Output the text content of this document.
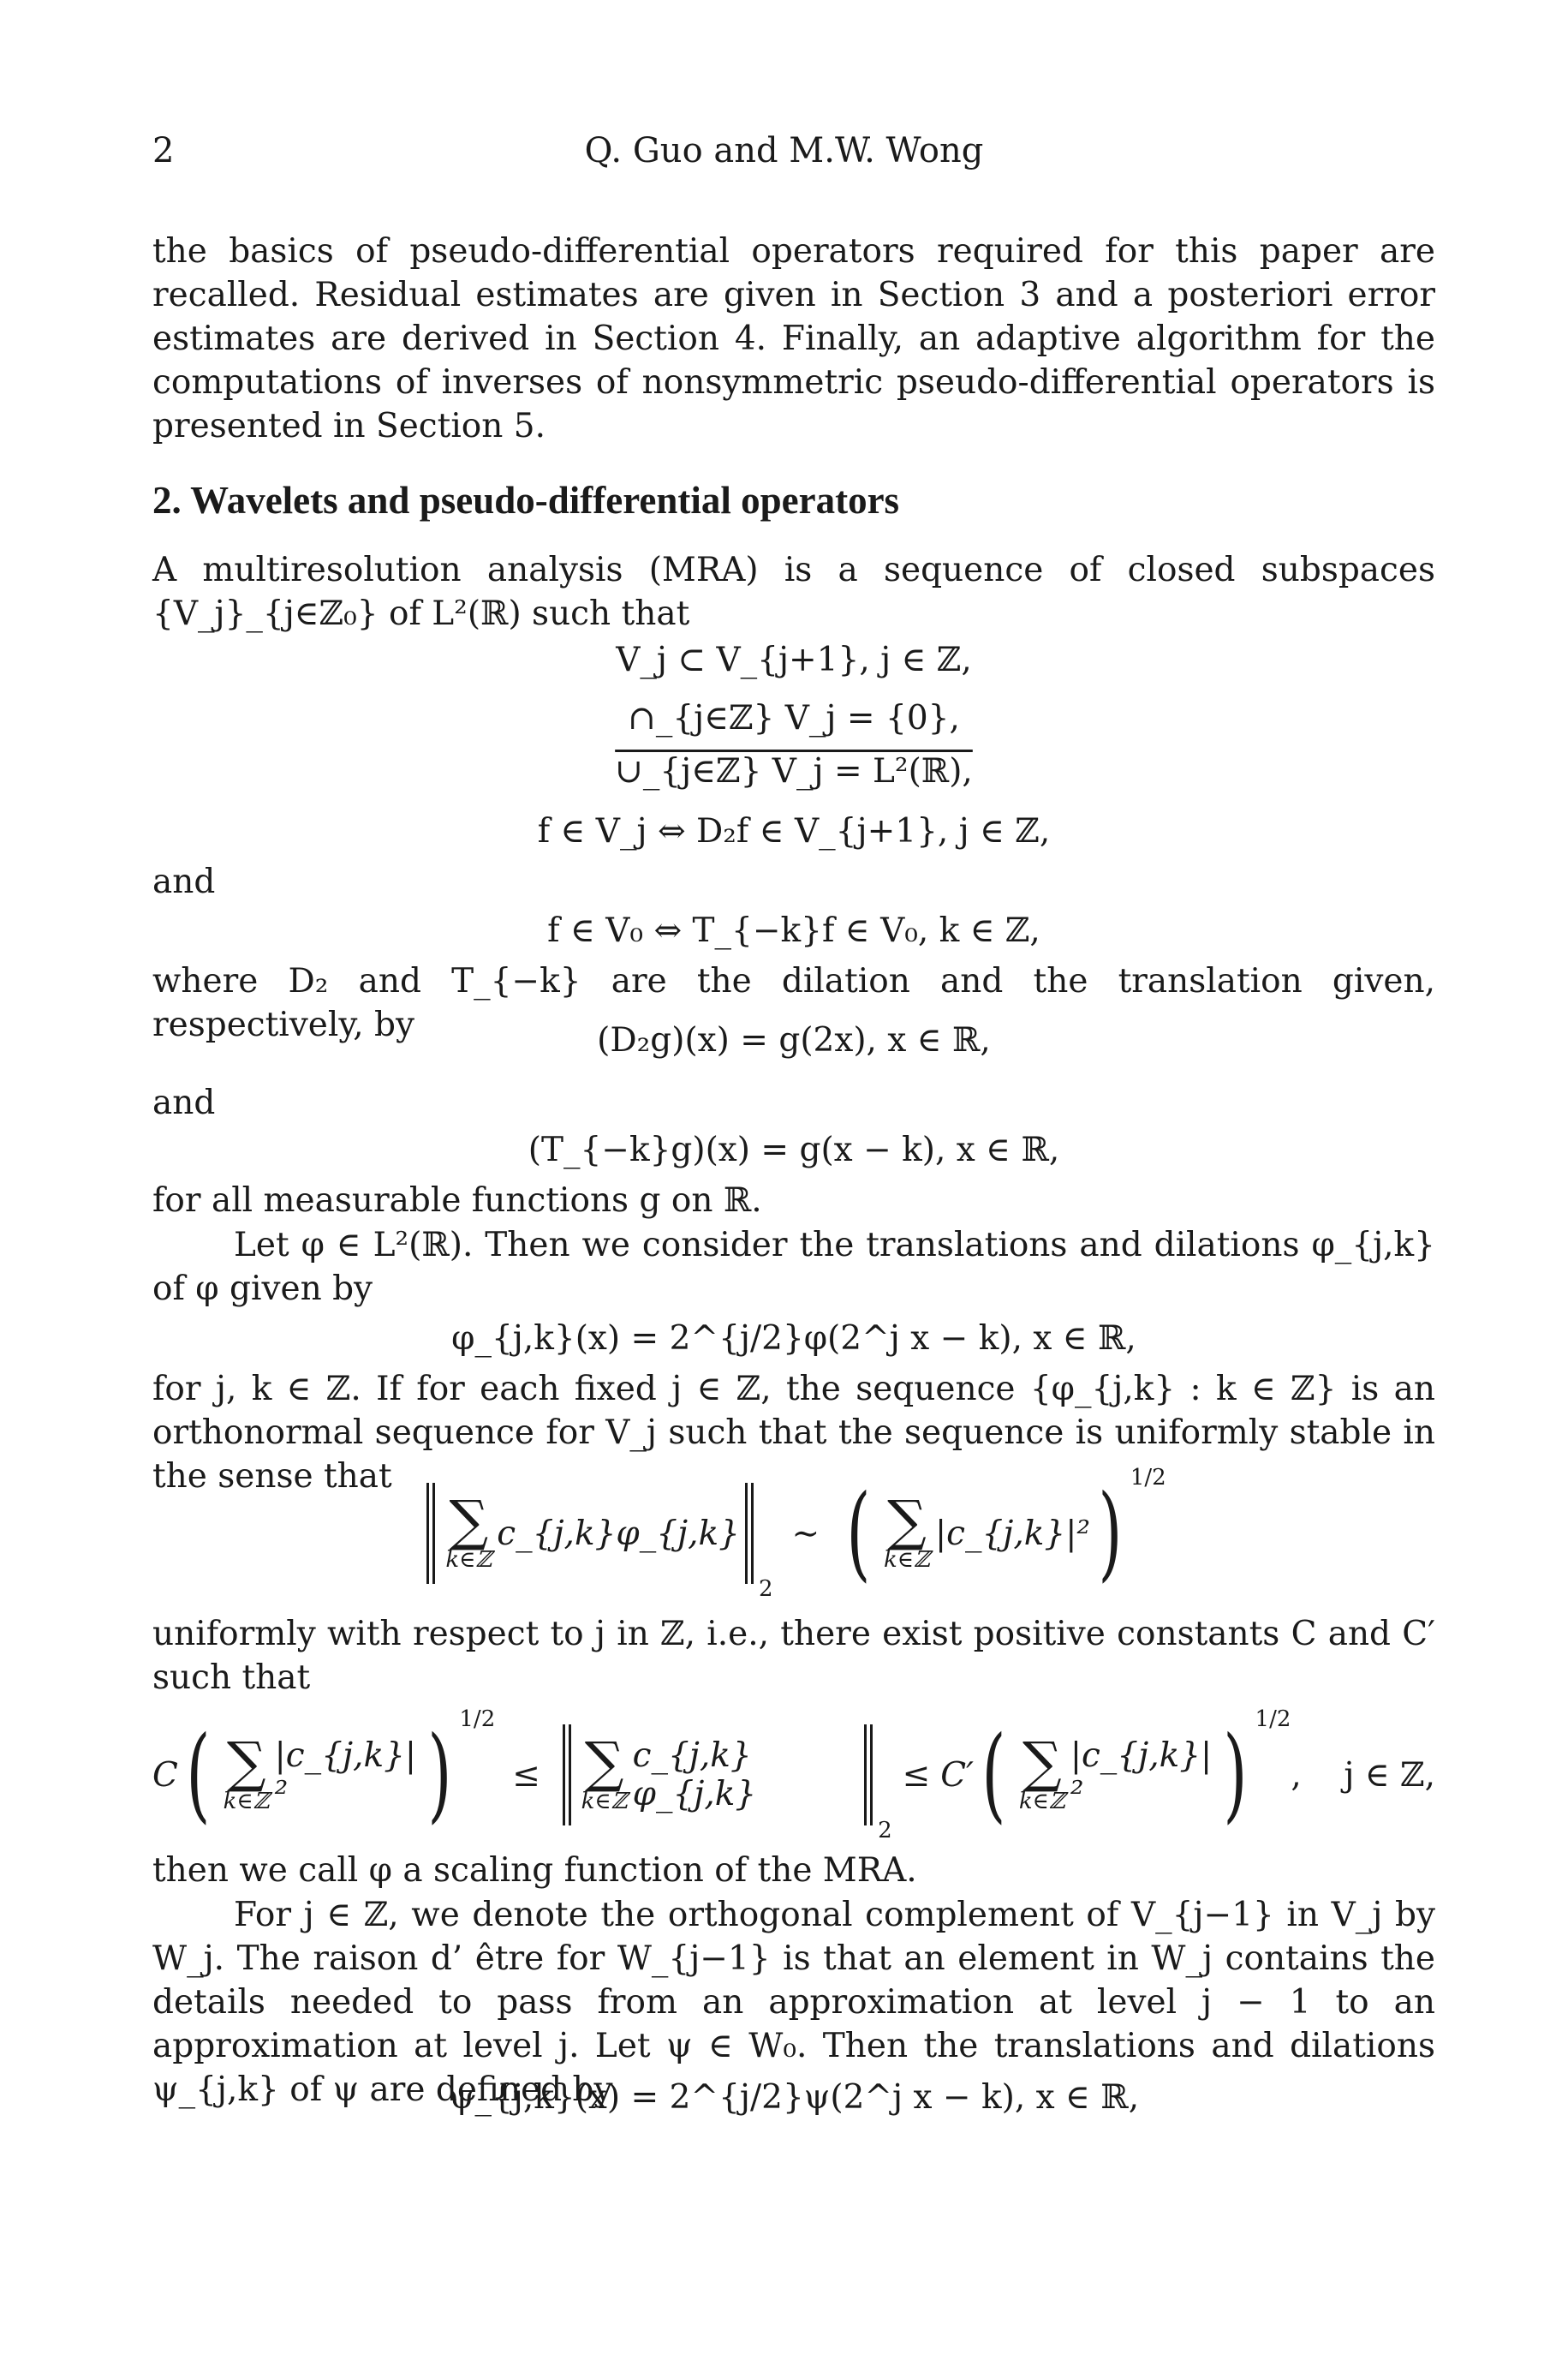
2	Q. Guo and M.W. Wong
the basics of pseudo-differential operators required for this paper are recalled. Residual estimates are given in Section 3 and a posteriori error estimates are derived in Section 4. Finally, an adaptive algorithm for the computations of inverses of nonsymmetric pseudo-differential operators is presented in Section 5.
2. Wavelets and pseudo-differential operators
A multiresolution analysis (MRA) is a sequence of closed subspaces {V_j}_{j∈ℤ₀} of L²(ℝ) such that
V_j ⊂ V_{j+1}, j ∈ ℤ,
∩_{j∈ℤ} V_j = {0},
∪_{j∈ℤ} V_j = L²(ℝ),
f ∈ V_j ⇔ D₂f ∈ V_{j+1}, j ∈ ℤ,
and
f ∈ V₀ ⇔ T_{−k}f ∈ V₀, k ∈ ℤ,
where D₂ and T_{−k} are the dilation and the translation given, respectively, by	(D₂g)(x) = g(2x), x ∈ ℝ,
and
(T_{−k}g)(x) = g(x − k), x ∈ ℝ,
for all measurable functions g on ℝ.
Let φ ∈ L²(ℝ). Then we consider the translations and dilations φ_{j,k} of φ given by
φ_{j,k}(x) = 2^{j/2}φ(2^j x − k), x ∈ ℝ,
for j, k ∈ ℤ. If for each fixed j ∈ ℤ, the sequence {φ_{j,k} : k ∈ ℤ} is an orthonormal sequence for V_j such that the sequence is uniformly stable in the sense that
∑
k∈ℤ
c_{j,k}φ_{j,k}
$_2$
∼ ( ∑
k∈ℤ
|c_{j,k}|² ) $^{1/2}$
uniformly with respect to j in ℤ, i.e., there exist positive constants C and C′ such that
C ( ∑
k∈ℤ
|c_{j,k}|²	) $^{1/2}$
≤ ∑
k∈ℤ
c_{j,k}φ_{j,k}
$_2$
≤ C′ ( ∑
k∈ℤ
|c_{j,k}|²	) $^{1/2}$
,    j ∈ ℤ,
then we call φ a scaling function of the MRA.
For j ∈ ℤ, we denote the orthogonal complement of V_{j−1} in V_j by W_j. The raison d’ être for W_{j−1} is that an element in W_j contains the details needed to pass from an approximation at level j − 1 to an approximation at level j. Let ψ ∈ W₀. Then the translations and dilations ψ_{j,k} of ψ are defined by
ψ_{j,k}(x) = 2^{j/2}ψ(2^j x − k), x ∈ ℝ,
